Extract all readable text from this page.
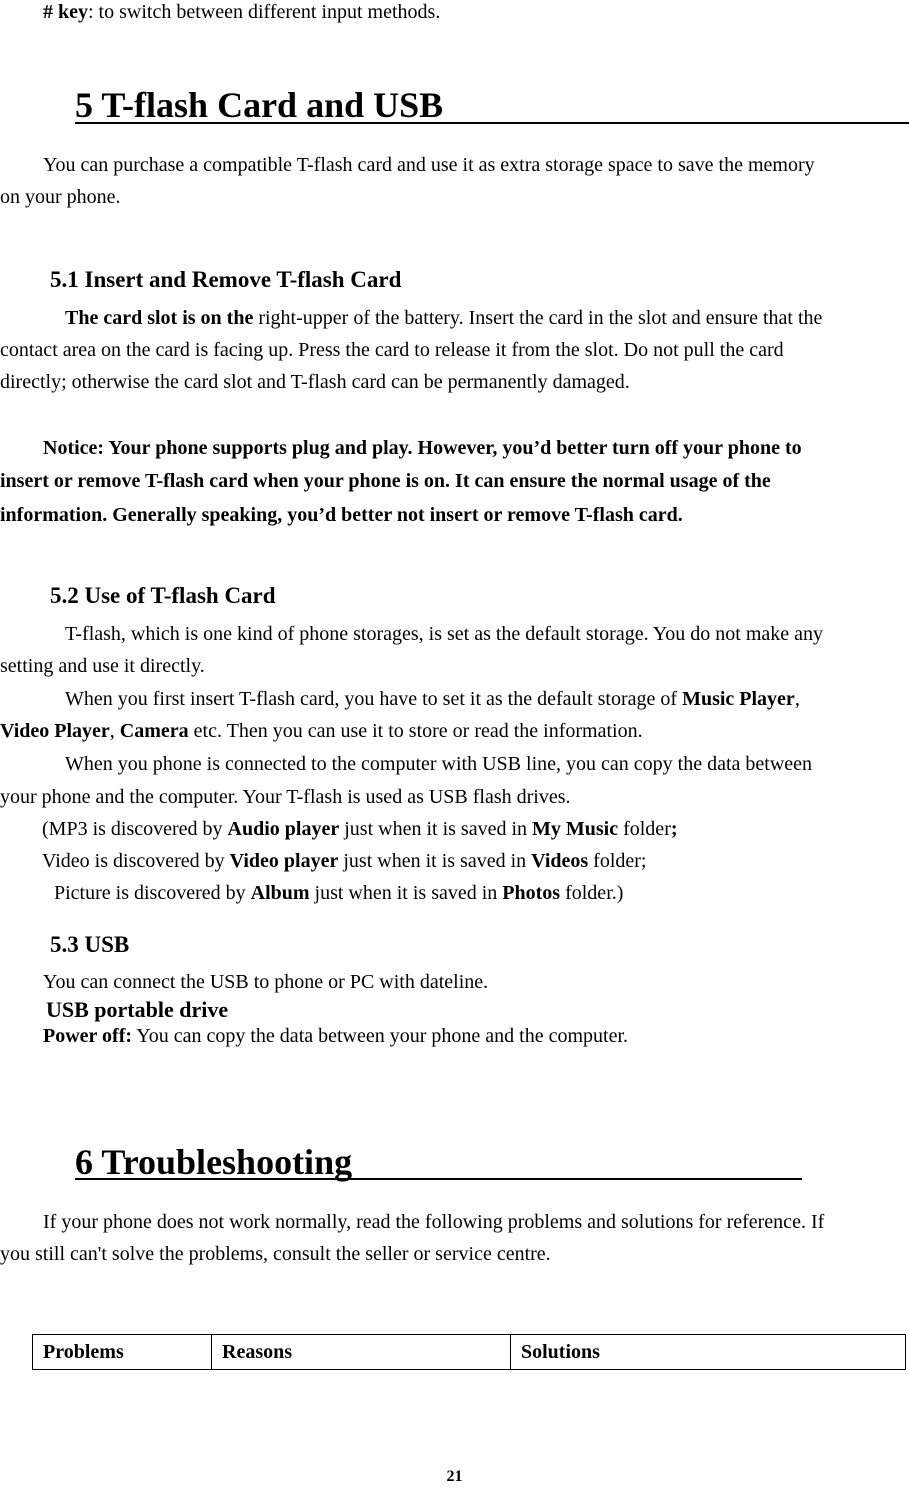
# key: to switch between different input methods.
5 T-flash Card and USB
You can purchase a compatible T-flash card and use it as extra storage space to save the memory
on your phone.
5.1 Insert and Remove T-flash Card
The card slot is on the right-upper of the battery. Insert the card in the slot and ensure that the
contact area on the card is facing up. Press the card to release it from the slot. Do not pull the card
directly; otherwise the card slot and T-flash card can be permanently damaged.
Notice: Your phone supports plug and play. However, you’d better turn off your phone to
insert or remove T-flash card when your phone is on. It can ensure the normal usage of the
information. Generally speaking, you’d better not insert or remove T-flash card.
5.2 Use of T-flash Card
T-flash, which is one kind of phone storages, is set as the default storage. You do not make any
setting and use it directly.
When you first insert T-flash card, you have to set it as the default storage of Music Player,
Video Player, Camera etc. Then you can use it to store or read the information.
When you phone is connected to the computer with USB line, you can copy the data between
your phone and the computer. Your T-flash is used as USB flash drives.
(MP3 is discovered by Audio player just when it is saved in My Music folder;
Video is discovered by Video player just when it is saved in Videos folder;
Picture is discovered by Album just when it is saved in Photos folder.)
5.3 USB
You can connect the USB to phone or PC with dateline.
USB portable drive
Power off: You can copy the data between your phone and the computer.
6 Troubleshooting
If your phone does not work normally, read the following problems and solutions for reference. If
you still can't solve the problems, consult the seller or service centre.
Problems	Reasons	Solutions
21
